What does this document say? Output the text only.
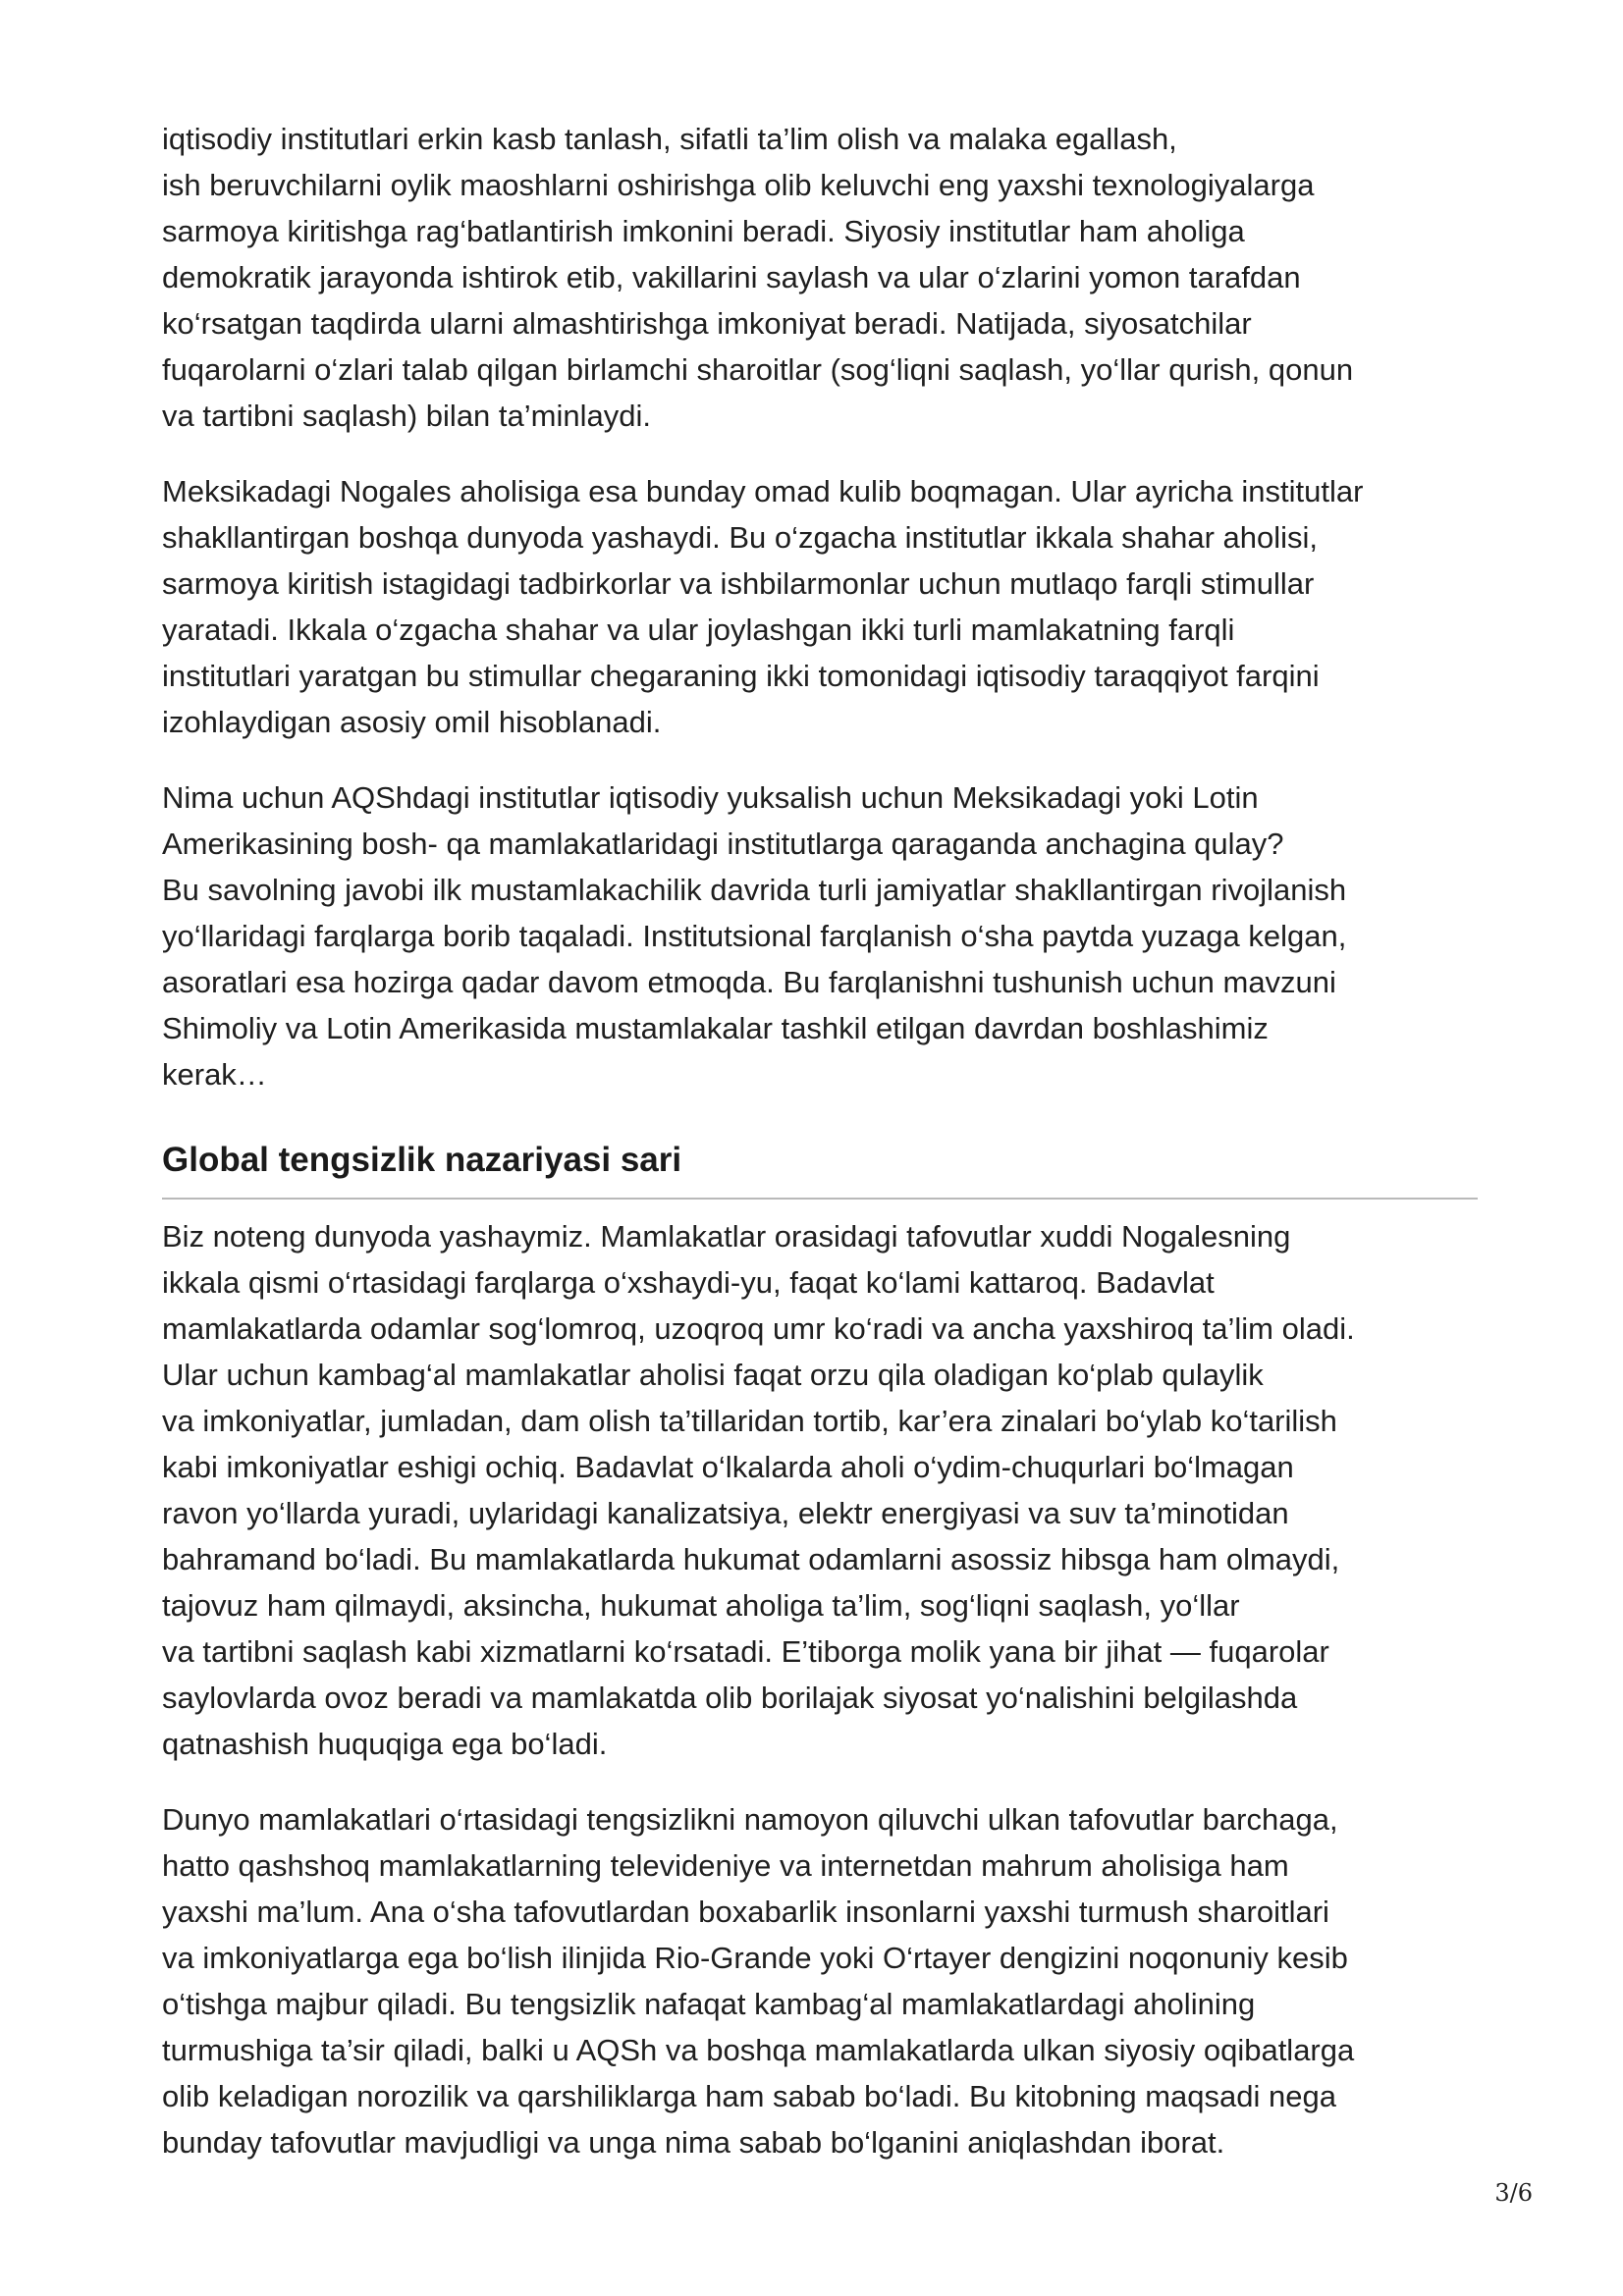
iqtisodiy institutlari erkin kasb tanlash, sifatli ta’lim olish va malaka egallash,
ish beruvchilarni oylik maoshlarni oshirishga olib keluvchi eng yaxshi texnologiyalarga
sarmoya kiritishga rag‘batlantirish imkonini beradi. Siyosiy institutlar ham aholiga
demokratik jarayonda ishtirok etib, vakillarini saylash va ular o‘zlarini yomon tarafdan
ko‘rsatgan taqdirda ularni almashtirishga imkoniyat beradi. Natijada, siyosatchilar
fuqarolarni o‘zlari talab qilgan birlamchi sharoitlar (sog‘liqni saqlash, yo‘llar qurish, qonun
va tartibni saqlash) bilan ta’minlaydi.

Meksikadagi Nogales aholisiga esa bunday omad kulib boqmagan. Ular ayricha institutlar
shakllantirgan boshqa dunyoda yashaydi. Bu o‘zgacha institutlar ikkala shahar aholisi,
sarmoya kiritish istagidagi tadbirkorlar va ishbilarmonlar uchun mutlaqo farqli stimullar
yaratadi. Ikkala o‘zgacha shahar va ular joylashgan ikki turli mamlakatning farqli
institutlari yaratgan bu stimullar chegaraning ikki tomonidagi iqtisodiy taraqqiyot farqini
izohlaydigan asosiy omil hisoblanadi.

Nima uchun AQShdagi institutlar iqtisodiy yuksalish uchun Meksikadagi yoki Lotin
Amerikasining bosh- qa mamlakatlaridagi institutlarga qaraganda anchagina qulay?
Bu savolning javobi ilk mustamlakachilik davrida turli jamiyatlar shakllantirgan rivojlanish
yo‘llaridagi farqlarga borib taqaladi. Institutsional farqlanish o‘sha paytda yuzaga kelgan,
asoratlari esa hozirga qadar davom etmoqda. Bu farqlanishni tushunish uchun mavzuni
Shimoliy va Lotin Amerikasida mustamlakalar tashkil etilgan davrdan boshlashimiz
kerak…

Global tengsizlik nazariyasi sari

Biz noteng dunyoda yashaymiz. Mamlakatlar orasidagi tafovutlar xuddi Nogalesning
ikkala qismi o‘rtasidagi farqlarga o‘xshaydi-yu, faqat ko‘lami kattaroq. Badavlat
mamlakatlarda odamlar sog‘lomroq, uzoqroq umr ko‘radi va ancha yaxshiroq ta’lim oladi.
Ular uchun kambag‘al mamlakatlar aholisi faqat orzu qila oladigan ko‘plab qulaylik
va imkoniyatlar, jumladan, dam olish ta’tillaridan tortib, kar’era zinalari bo‘ylab ko‘tarilish
kabi imkoniyatlar eshigi ochiq. Badavlat o‘lkalarda aholi o‘ydim-chuqurlari bo‘lmagan
ravon yo‘llarda yuradi, uylaridagi kanalizatsiya, elektr energiyasi va suv ta’minotidan
bahramand bo‘ladi. Bu mamlakatlarda hukumat odamlarni asossiz hibsga ham olmaydi,
tajovuz ham qilmaydi, aksincha, hukumat aholiga ta’lim, sog‘liqni saqlash, yo‘llar
va tartibni saqlash kabi xizmatlarni ko‘rsatadi. E’tiborga molik yana bir jihat — fuqarolar
saylovlarda ovoz beradi va mamlakatda olib borilajak siyosat yo‘nalishini belgilashda
qatnashish huquqiga ega bo‘ladi.

Dunyo mamlakatlari o‘rtasidagi tengsizlikni namoyon qiluvchi ulkan tafovutlar barchaga,
hatto qashshoq mamlakatlarning televideniye va internetdan mahrum aholisiga ham
yaxshi ma’lum. Ana o‘sha tafovutlardan boxabarlik insonlarni yaxshi turmush sharoitlari
va imkoniyatlarga ega bo‘lish ilinjida Rio-Grande yoki O‘rtayer dengizini noqonuniy kesib
o‘tishga majbur qiladi. Bu tengsizlik nafaqat kambag‘al mamlakatlardagi aholining
turmushiga ta’sir qiladi, balki u AQSh va boshqa mamlakatlarda ulkan siyosiy oqibatlarga
olib keladigan norozilik va qarshiliklarga ham sabab bo‘ladi. Bu kitobning maqsadi nega
bunday tafovutlar mavjudligi va unga nima sabab bo‘lganini aniqlashdan iborat.

3/6
